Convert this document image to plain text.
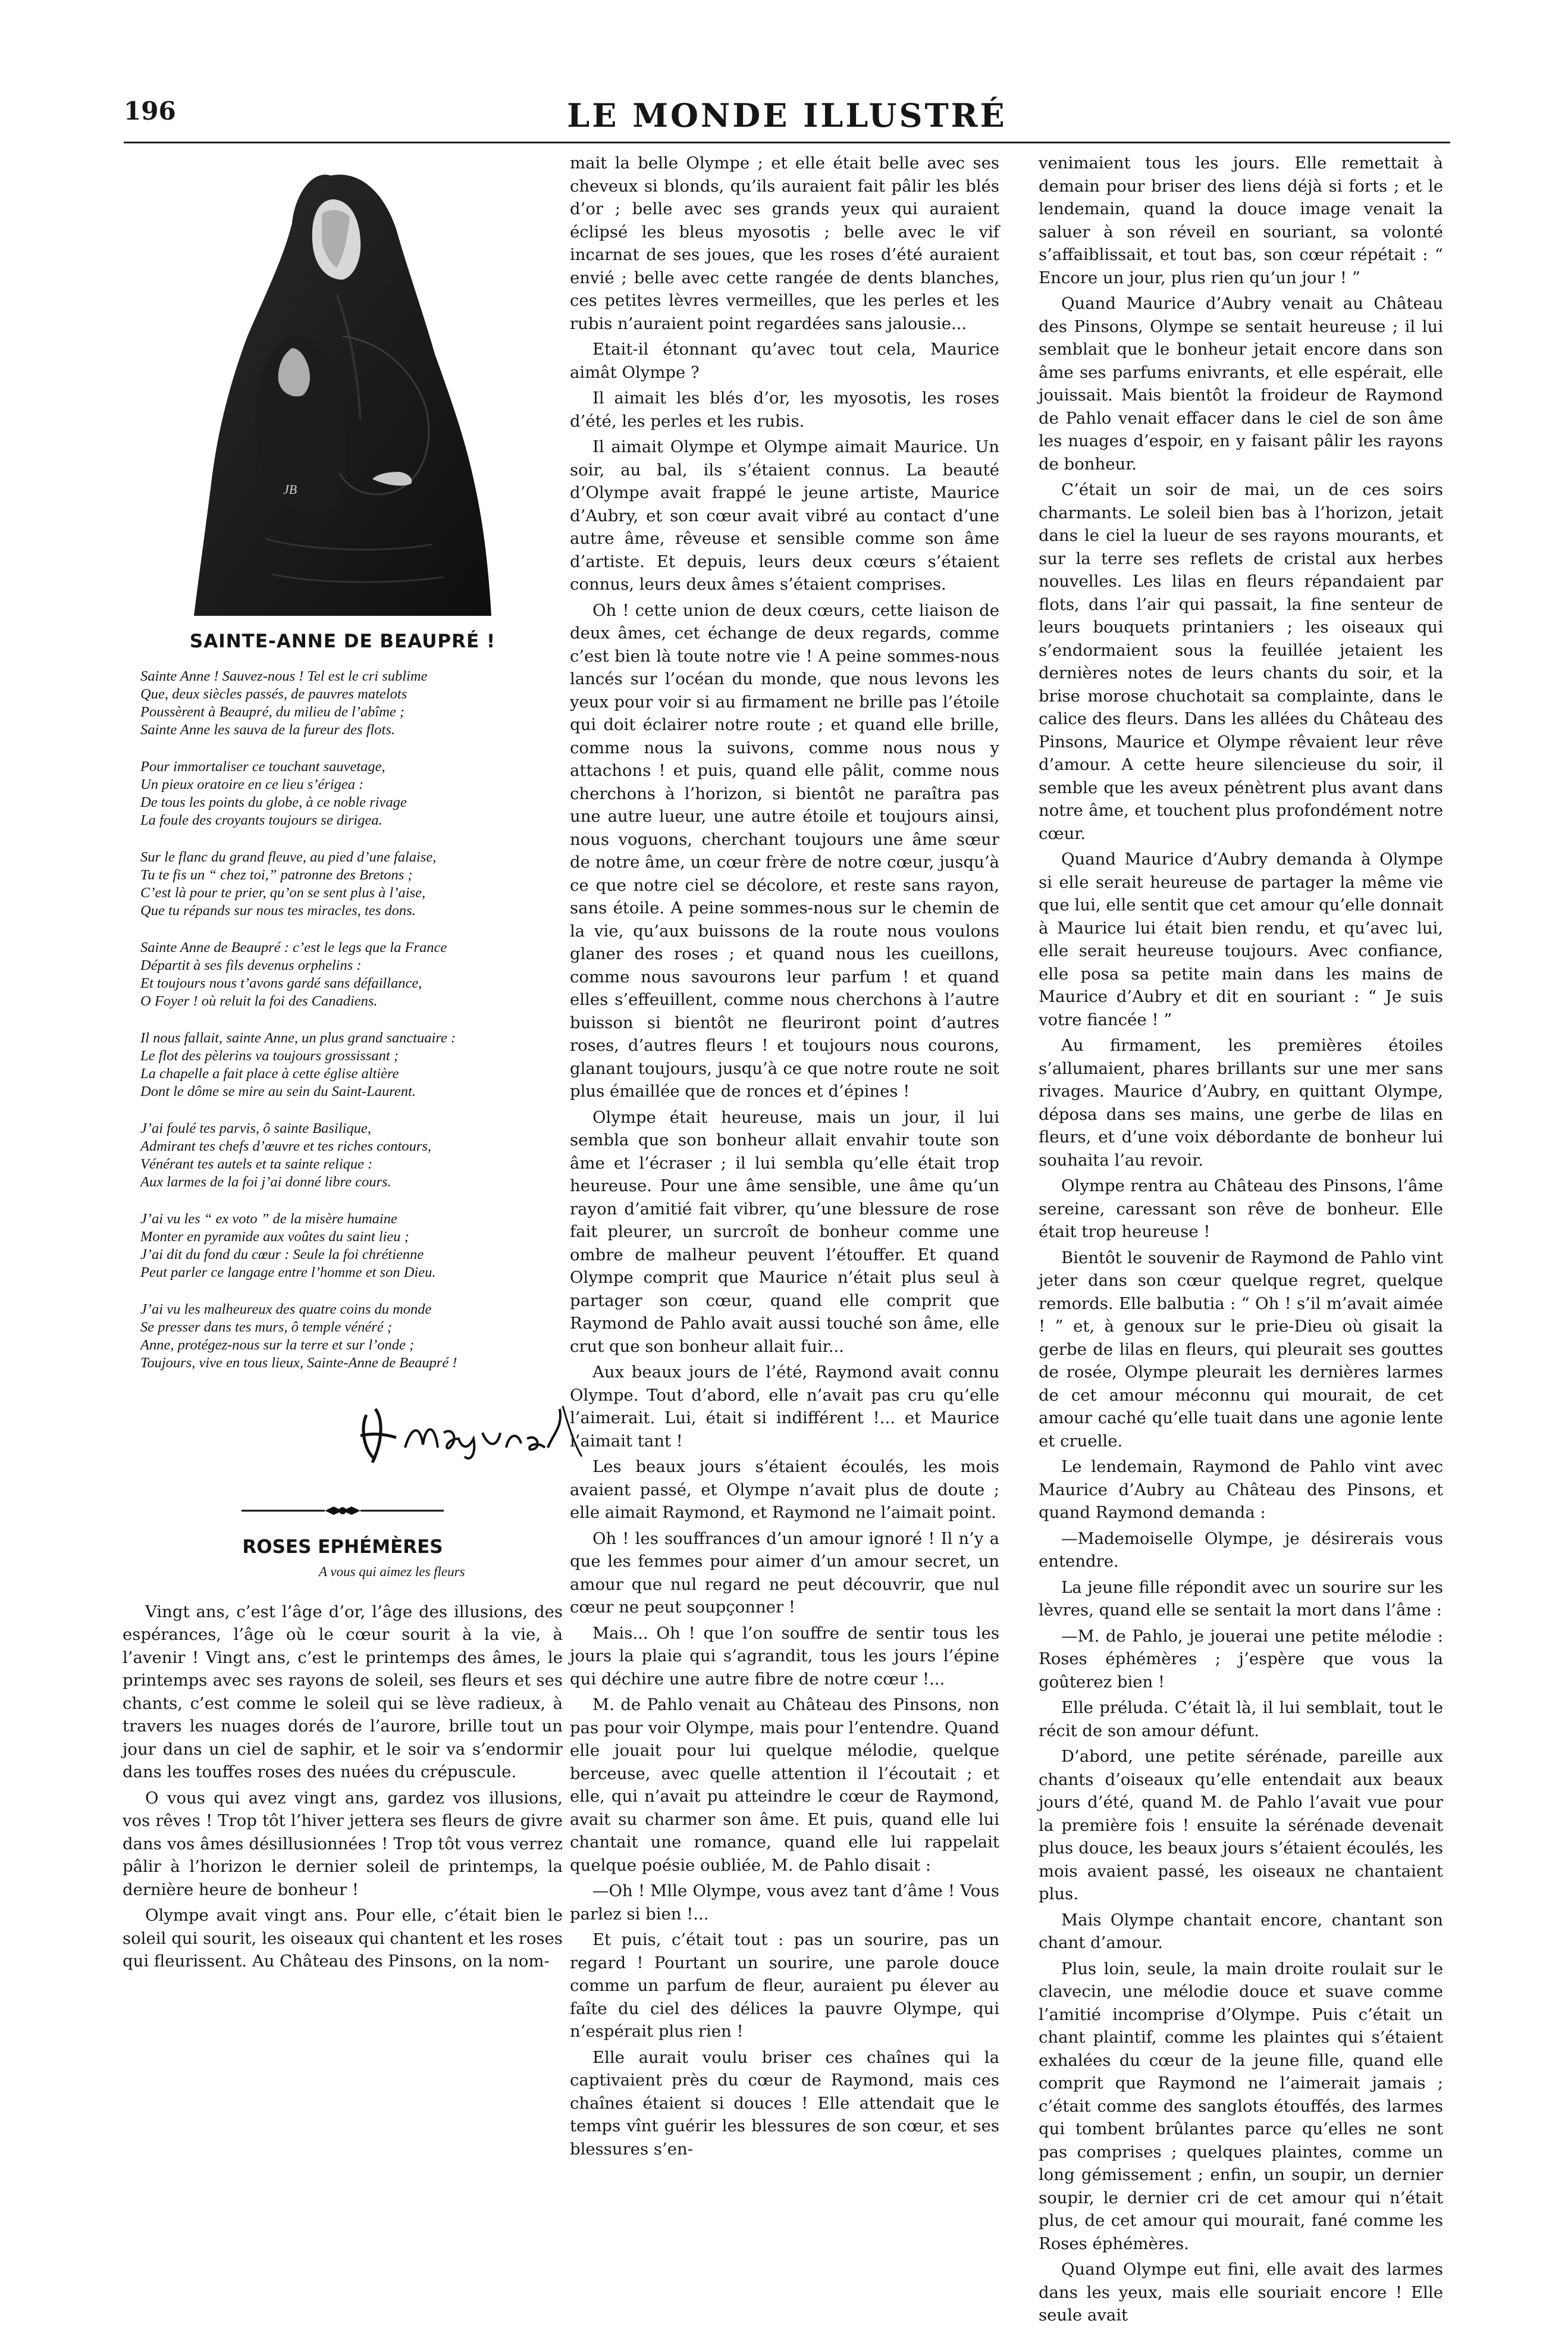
196	LE MONDE ILLUSTRÉ
JB
SAINTE-ANNE DE BEAUPRÉ !
Sainte Anne ! Sauvez-nous ! Tel est le cri sublime
Que, deux siècles passés, de pauvres matelots
Poussèrent à Beaupré, du milieu de l’abîme ;
Sainte Anne les sauva de la fureur des flots.
Pour immortaliser ce touchant sauvetage,
Un pieux oratoire en ce lieu s’érigea :
De tous les points du globe, à ce noble rivage
La foule des croyants toujours se dirigea.
Sur le flanc du grand fleuve, au pied d’une falaise,
Tu te fis un “ chez toi,” patronne des Bretons ;
C’est là pour te prier, qu’on se sent plus à l’aise,
Que tu répands sur nous tes miracles, tes dons.
Sainte Anne de Beaupré : c’est le legs que la France
Départit à ses fils devenus orphelins :
Et toujours nous t’avons gardé sans défaillance,
O Foyer ! où reluit la foi des Canadiens.
Il nous fallait, sainte Anne, un plus grand sanctuaire :
Le flot des pèlerins va toujours grossissant ;
La chapelle a fait place à cette église altière
Dont le dôme se mire au sein du Saint-Laurent.
J’ai foulé tes parvis, ô sainte Basilique,
Admirant tes chefs d’œuvre et tes riches contours,
Vénérant tes autels et ta sainte relique :
Aux larmes de la foi j’ai donné libre cours.
J’ai vu les “ ex voto ” de la misère humaine
Monter en pyramide aux voûtes du saint lieu ;
J’ai dit du fond du cœur : Seule la foi chrétienne
Peut parler ce langage entre l’homme et son Dieu.
J’ai vu les malheureux des quatre coins du monde
Se presser dans tes murs, ô temple vénéré ;
Anne, protégez-nous sur la terre et sur l’onde ;
Toujours, vive en tous lieux, Sainte-Anne de Beaupré !

ROSES EPHÉMÈRES
A vous qui aimez les fleurs

Vingt ans, c’est l’âge d’or, l’âge des illusions, des espérances, l’âge où le cœur sourit à la vie, à l’avenir ! Vingt ans, c’est le printemps des âmes, le printemps avec ses rayons de soleil, ses fleurs et ses chants, c’est comme le soleil qui se lève radieux, à travers les nuages dorés de l’aurore, brille tout un jour dans un ciel de saphir, et le soir va s’endormir dans les touffes roses des nuées du crépuscule.

O vous qui avez vingt ans, gardez vos illusions, vos rêves ! Trop tôt l’hiver jettera ses fleurs de givre dans vos âmes désillusionnées ! Trop tôt vous verrez pâlir à l’horizon le dernier soleil de printemps, la dernière heure de bonheur !

Olympe avait vingt ans. Pour elle, c’était bien le soleil qui sourit, les oiseaux qui chantent et les roses qui fleurissent. Au Château des Pinsons, on la nom-

mait la belle Olympe ; et elle était belle avec ses cheveux si blonds, qu’ils auraient fait pâlir les blés d’or ; belle avec ses grands yeux qui auraient éclipsé les bleus myosotis ; belle avec le vif incarnat de ses joues, que les roses d’été auraient envié ; belle avec cette rangée de dents blanches, ces petites lèvres vermeilles, que les perles et les rubis n’auraient point regardées sans jalousie...

Etait-il étonnant qu’avec tout cela, Maurice aimât Olympe ?

Il aimait les blés d’or, les myosotis, les roses d’été, les perles et les rubis.

Il aimait Olympe et Olympe aimait Maurice. Un soir, au bal, ils s’étaient connus. La beauté d’Olympe avait frappé le jeune artiste, Maurice d’Aubry, et son cœur avait vibré au contact d’une autre âme, rêveuse et sensible comme son âme d’artiste. Et depuis, leurs deux cœurs s’étaient connus, leurs deux âmes s’étaient comprises.

Oh ! cette union de deux cœurs, cette liaison de deux âmes, cet échange de deux regards, comme c’est bien là toute notre vie ! A peine sommes-nous lancés sur l’océan du monde, que nous levons les yeux pour voir si au firmament ne brille pas l’étoile qui doit éclairer notre route ; et quand elle brille, comme nous la suivons, comme nous nous y attachons ! et puis, quand elle pâlit, comme nous cherchons à l’horizon, si bientôt ne paraîtra pas une autre lueur, une autre étoile et toujours ainsi, nous voguons, cherchant toujours une âme sœur de notre âme, un cœur frère de notre cœur, jusqu’à ce que notre ciel se décolore, et reste sans rayon, sans étoile. A peine sommes-nous sur le chemin de la vie, qu’aux buissons de la route nous voulons glaner des roses ; et quand nous les cueillons, comme nous savourons leur parfum ! et quand elles s’effeuillent, comme nous cherchons à l’autre buisson si bientôt ne fleuriront point d’autres roses, d’autres fleurs ! et toujours nous courons, glanant toujours, jusqu’à ce que notre route ne soit plus émaillée que de ronces et d’épines !

Olympe était heureuse, mais un jour, il lui sembla que son bonheur allait envahir toute son âme et l’écraser ; il lui sembla qu’elle était trop heureuse. Pour une âme sensible, une âme qu’un rayon d’amitié fait vibrer, qu’une blessure de rose fait pleurer, un surcroît de bonheur comme une ombre de malheur peuvent l’étouffer. Et quand Olympe comprit que Maurice n’était plus seul à partager son cœur, quand elle comprit que Raymond de Pahlo avait aussi touché son âme, elle crut que son bonheur allait fuir...

Aux beaux jours de l’été, Raymond avait connu Olympe. Tout d’abord, elle n’avait pas cru qu’elle l’aimerait. Lui, était si indifférent !... et Maurice l’aimait tant !

Les beaux jours s’étaient écoulés, les mois avaient passé, et Olympe n’avait plus de doute ; elle aimait Raymond, et Raymond ne l’aimait point.

Oh ! les souffrances d’un amour ignoré ! Il n’y a que les femmes pour aimer d’un amour secret, un amour que nul regard ne peut découvrir, que nul cœur ne peut soupçonner !

Mais... Oh ! que l’on souffre de sentir tous les jours la plaie qui s’agrandit, tous les jours l’épine qui déchire une autre fibre de notre cœur !...

M. de Pahlo venait au Château des Pinsons, non pas pour voir Olympe, mais pour l’entendre. Quand elle jouait pour lui quelque mélodie, quelque berceuse, avec quelle attention il l’écoutait ; et elle, qui n’avait pu atteindre le cœur de Raymond, avait su charmer son âme. Et puis, quand elle lui chantait une romance, quand elle lui rappelait quelque poésie oubliée, M. de Pahlo disait :

—Oh ! Mlle Olympe, vous avez tant d’âme ! Vous parlez si bien !...

Et puis, c’était tout : pas un sourire, pas un regard ! Pourtant un sourire, une parole douce comme un parfum de fleur, auraient pu élever au faîte du ciel des délices la pauvre Olympe, qui n’espérait plus rien !

Elle aurait voulu briser ces chaînes qui la captivaient près du cœur de Raymond, mais ces chaînes étaient si douces ! Elle attendait que le temps vînt guérir les blessures de son cœur, et ses blessures s’en-

venimaient tous les jours. Elle remettait à demain pour briser des liens déjà si forts ; et le lendemain, quand la douce image venait la saluer à son réveil en souriant, sa volonté s’affaiblissait, et tout bas, son cœur répétait : “ Encore un jour, plus rien qu’un jour ! ”

Quand Maurice d’Aubry venait au Château des Pinsons, Olympe se sentait heureuse ; il lui semblait que le bonheur jetait encore dans son âme ses parfums enivrants, et elle espérait, elle jouissait. Mais bientôt la froideur de Raymond de Pahlo venait effacer dans le ciel de son âme les nuages d’espoir, en y faisant pâlir les rayons de bonheur.

C’était un soir de mai, un de ces soirs charmants. Le soleil bien bas à l’horizon, jetait dans le ciel la lueur de ses rayons mourants, et sur la terre ses reflets de cristal aux herbes nouvelles. Les lilas en fleurs répandaient par flots, dans l’air qui passait, la fine senteur de leurs bouquets printaniers ; les oiseaux qui s’endormaient sous la feuillée jetaient les dernières notes de leurs chants du soir, et la brise morose chuchotait sa complainte, dans le calice des fleurs. Dans les allées du Château des Pinsons, Maurice et Olympe rêvaient leur rêve d’amour. A cette heure silencieuse du soir, il semble que les aveux pénètrent plus avant dans notre âme, et touchent plus profondément notre cœur.

Quand Maurice d’Aubry demanda à Olympe si elle serait heureuse de partager la même vie que lui, elle sentit que cet amour qu’elle donnait à Maurice lui était bien rendu, et qu’avec lui, elle serait heureuse toujours. Avec confiance, elle posa sa petite main dans les mains de Maurice d’Aubry et dit en souriant : “ Je suis votre fiancée ! ”

Au firmament, les premières étoiles s’allumaient, phares brillants sur une mer sans rivages. Maurice d’Aubry, en quittant Olympe, déposa dans ses mains, une gerbe de lilas en fleurs, et d’une voix débordante de bonheur lui souhaita l’au revoir.

Olympe rentra au Château des Pinsons, l’âme sereine, caressant son rêve de bonheur. Elle était trop heureuse !

Bientôt le souvenir de Raymond de Pahlo vint jeter dans son cœur quelque regret, quelque remords. Elle balbutia : “ Oh ! s’il m’avait aimée ! ” et, à genoux sur le prie-Dieu où gisait la gerbe de lilas en fleurs, qui pleurait ses gouttes de rosée, Olympe pleurait les dernières larmes de cet amour méconnu qui mourait, de cet amour caché qu’elle tuait dans une agonie lente et cruelle.

Le lendemain, Raymond de Pahlo vint avec Maurice d’Aubry au Château des Pinsons, et quand Raymond demanda :

—Mademoiselle Olympe, je désirerais vous entendre.

La jeune fille répondit avec un sourire sur les lèvres, quand elle se sentait la mort dans l’âme :

—M. de Pahlo, je jouerai une petite mélodie : Roses éphémères ; j’espère que vous la goûterez bien !

Elle préluda. C’était là, il lui semblait, tout le récit de son amour défunt.

D’abord, une petite sérénade, pareille aux chants d’oiseaux qu’elle entendait aux beaux jours d’été, quand M. de Pahlo l’avait vue pour la première fois ! ensuite la sérénade devenait plus douce, les beaux jours s’étaient écoulés, les mois avaient passé, les oiseaux ne chantaient plus.

Mais Olympe chantait encore, chantant son chant d’amour.

Plus loin, seule, la main droite roulait sur le clavecin, une mélodie douce et suave comme l’amitié incomprise d’Olympe. Puis c’était un chant plaintif, comme les plaintes qui s’étaient exhalées du cœur de la jeune fille, quand elle comprit que Raymond ne l’aimerait jamais ; c’était comme des sanglots étouffés, des larmes qui tombent brûlantes parce qu’elles ne sont pas comprises ; quelques plaintes, comme un long gémissement ; enfin, un soupir, un dernier soupir, le dernier cri de cet amour qui n’était plus, de cet amour qui mourait, fané comme les Roses éphémères.

Quand Olympe eut fini, elle avait des larmes dans les yeux, mais elle souriait encore ! Elle seule avait
